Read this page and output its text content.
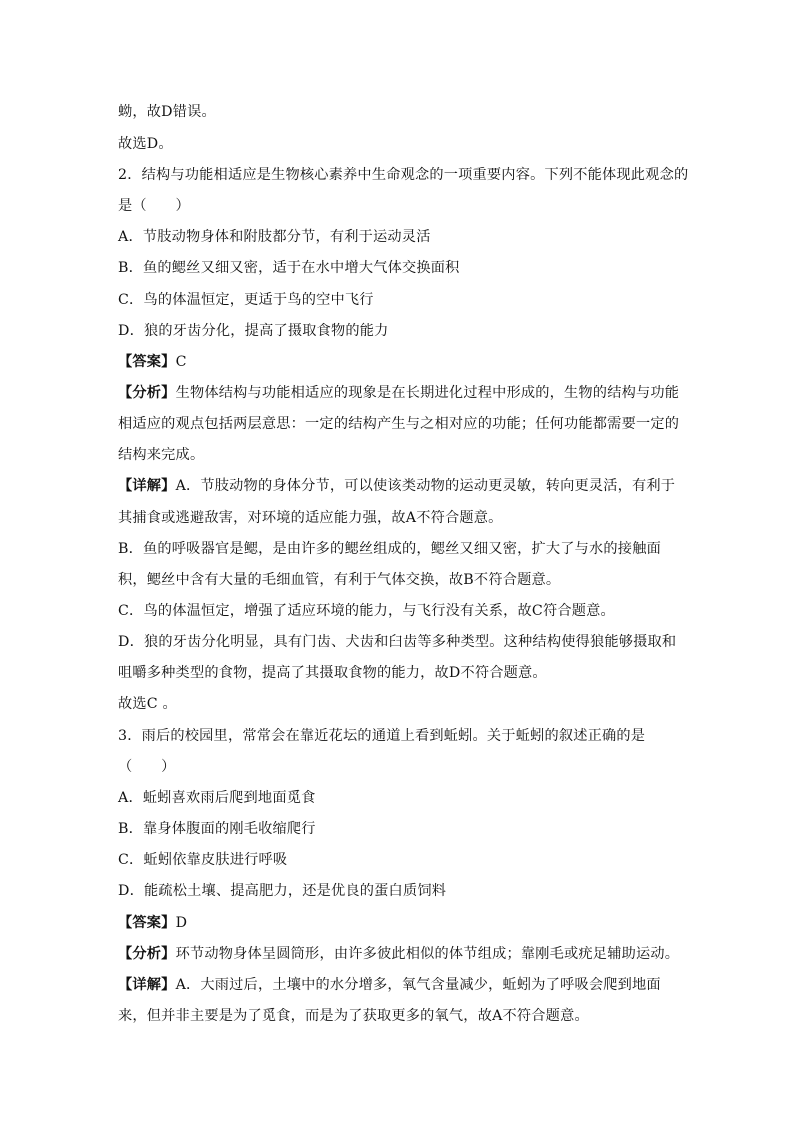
蚴，故D错误。
故选D。
2．结构与功能相适应是生物核心素养中生命观念的一项重要内容。下列不能体现此观念的
是（　　）
A．节肢动物身体和附肢都分节，有利于运动灵活
B．鱼的鳃丝又细又密，适于在水中增大气体交换面积
C．鸟的体温恒定，更适于鸟的空中飞行
D．狼的牙齿分化，提高了摄取食物的能力
【答案】C
【分析】生物体结构与功能相适应的现象是在长期进化过程中形成的，生物的结构与功能
相适应的观点包括两层意思：一定的结构产生与之相对应的功能；任何功能都需要一定的
结构来完成。
【详解】A．节肢动物的身体分节，可以使该类动物的运动更灵敏，转向更灵活，有利于
其捕食或逃避敌害，对环境的适应能力强，故A不符合题意。
B．鱼的呼吸器官是鳃，是由许多的鳃丝组成的，鳃丝又细又密，扩大了与水的接触面
积，鳃丝中含有大量的毛细血管，有利于气体交换，故B不符合题意。
C．鸟的体温恒定，增强了适应环境的能力，与飞行没有关系，故C符合题意。
D．狼的牙齿分化明显，具有门齿、犬齿和臼齿等多种类型。这种结构使得狼能够摄取和
咀嚼多种类型的食物，提高了其摄取食物的能力，故D不符合题意。
故选C 。
3．雨后的校园里，常常会在靠近花坛的通道上看到蚯蚓。关于蚯蚓的叙述正确的是
（　　）
A．蚯蚓喜欢雨后爬到地面觅食
B．靠身体腹面的刚毛收缩爬行
C．蚯蚓依靠皮肤进行呼吸
D．能疏松土壤、提高肥力，还是优良的蛋白质饲料
【答案】D
【分析】环节动物身体呈圆筒形，由许多彼此相似的体节组成；靠刚毛或疣足辅助运动。
【详解】A．大雨过后，土壤中的水分增多，氧气含量减少，蚯蚓为了呼吸会爬到地面
来，但并非主要是为了觅食，而是为了获取更多的氧气，故A不符合题意。
